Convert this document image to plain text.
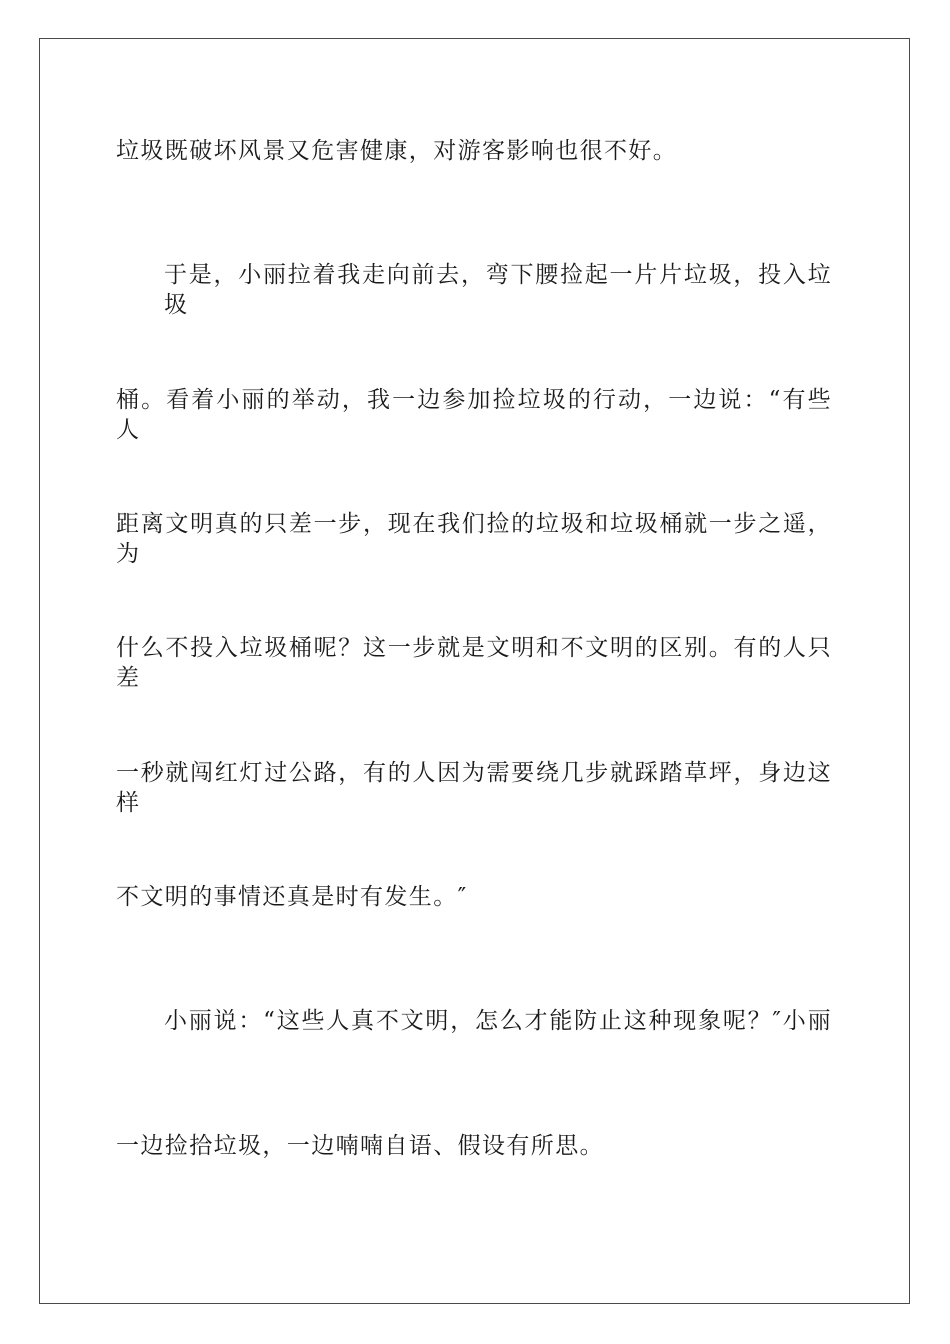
垃圾既破坏风景又危害健康，对游客影响也很不好。
于是，小丽拉着我走向前去，弯下腰捡起一片片垃圾，投入垃圾
桶。看着小丽的举动，我一边参加捡垃圾的行动，一边说：“有些人
距离文明真的只差一步，现在我们捡的垃圾和垃圾桶就一步之遥，为
什么不投入垃圾桶呢？这一步就是文明和不文明的区别。有的人只差
一秒就闯红灯过公路，有的人因为需要绕几步就踩踏草坪，身边这样
不文明的事情还真是时有发生。″
小丽说：“这些人真不文明，怎么才能防止这种现象呢？″小丽
一边捡拾垃圾，一边喃喃自语、假设有所思。
